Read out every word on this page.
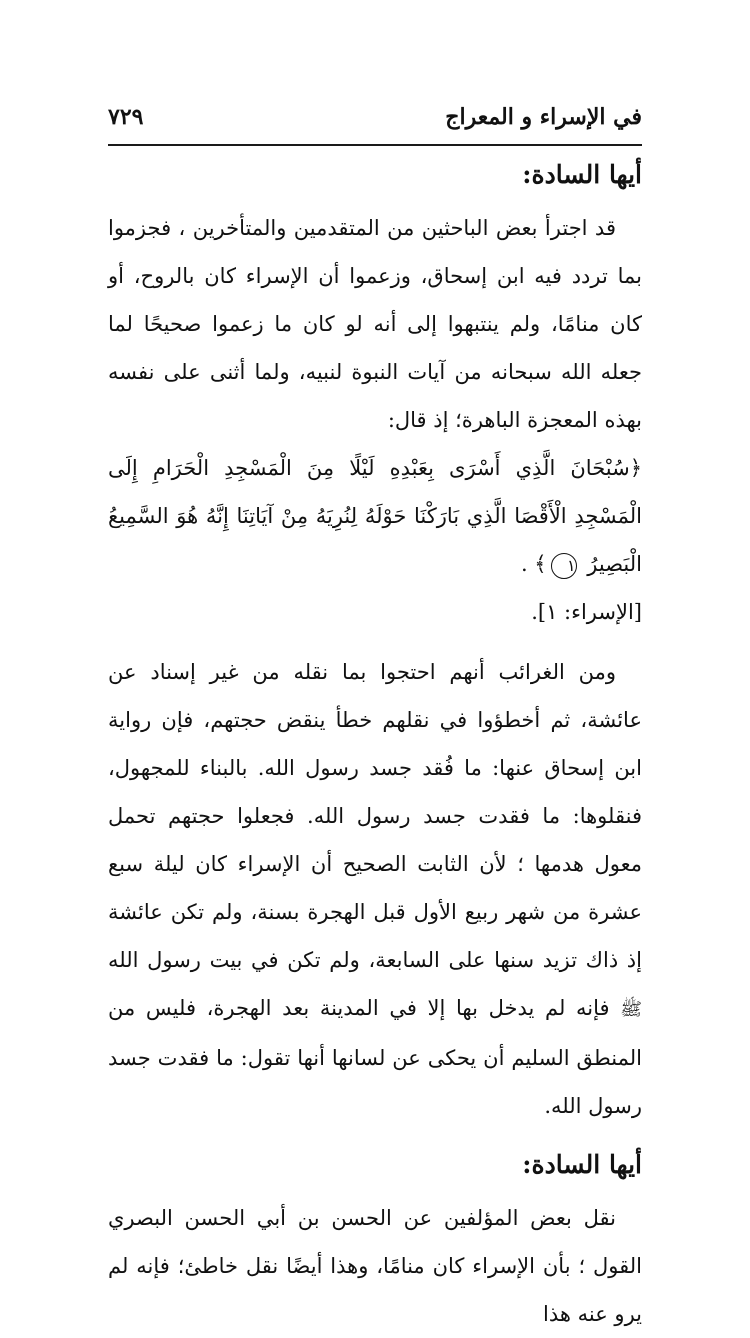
في الإسراء و المعراج
٧٢٩
أيها السادة:

قد اجترأ بعض الباحثين من المتقدمين والمتأخرين ، فجزموا بما تردد فيه ابن إسحاق، وزعموا أن الإسراء كان بالروح، أو كان منامًا، ولم ينتبهوا إلى أنه لو كان ما زعموا صحيحًا لما جعله الله سبحانه من آيات النبوة لنبيه، ولما أثنى على نفسه بهذه المعجزة الباهرة؛ إذ قال:

﴿سُبْحَانَ الَّذِي أَسْرَى بِعَبْدِهِ لَيْلًا مِنَ الْمَسْجِدِ الْحَرَامِ إِلَى الْمَسْجِدِ الْأَقْصَا الَّذِي بَارَكْنَا حَوْلَهُ لِنُرِيَهُ مِنْ آيَاتِنَا إِنَّهُ هُوَ السَّمِيعُ الْبَصِيرُ ١﴾ .

[الإسراء: ١].

ومن الغرائب أنهم احتجوا بما نقله من غير إسناد عن عائشة، ثم أخطؤوا في نقلهم خطأ ينقض حجتهم، فإن رواية ابن إسحاق عنها: ما فُقد جسد رسول الله. بالبناء للمجهول، فنقلوها: ما فقدت جسد رسول الله. فجعلوا حجتهم تحمل معول هدمها ؛ لأن الثابت الصحيح أن الإسراء كان ليلة سبع عشرة من شهر ربيع الأول قبل الهجرة بسنة، ولم تكن عائشة إذ ذاك تزيد سنها على السابعة، ولم تكن في بيت رسول الله ﷺ فإنه لم يدخل بها إلا في المدينة بعد الهجرة، فليس من المنطق السليم أن يحكى عن لسانها أنها تقول: ما فقدت جسد رسول الله.

أيها السادة:

نقل بعض المؤلفين عن الحسن بن أبي الحسن البصري القول ؛ بأن الإسراء كان منامًا، وهذا أيضًا نقل خاطئ؛ فإنه لم يرو عنه هذا
